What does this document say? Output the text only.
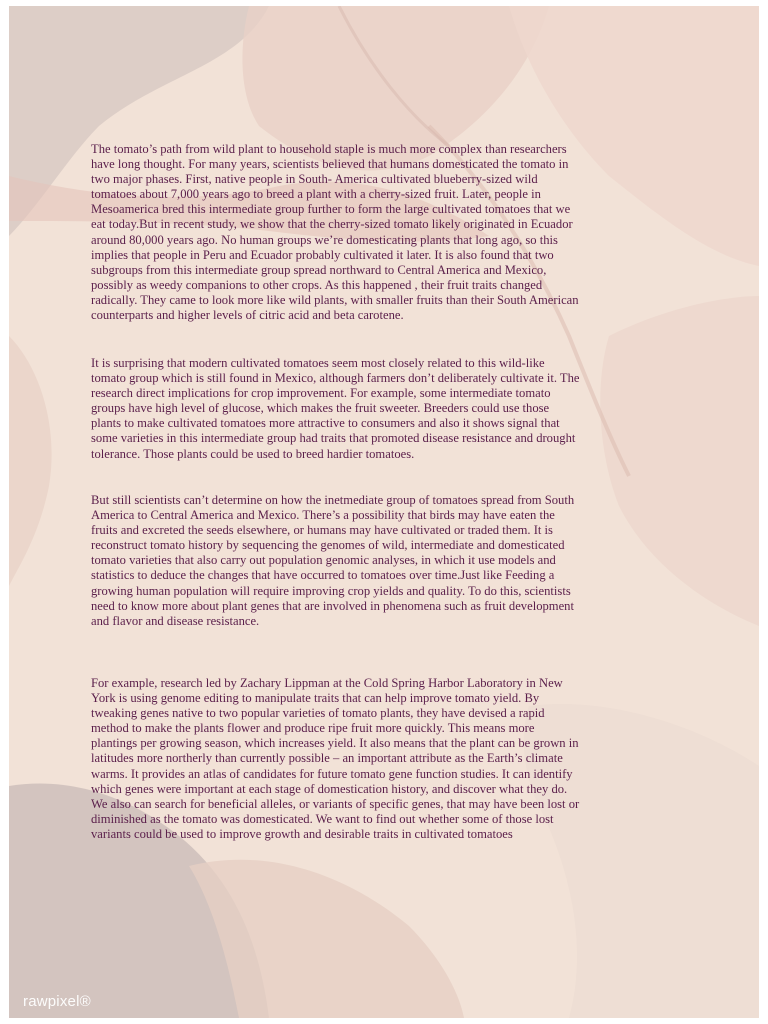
The tomato’s path from wild plant to household staple is much more complex than researchers
have long thought. For many years, scientists believed that humans domesticated the tomato in
two major phases. First, native people in South- America cultivated blueberry-sized wild
tomatoes about 7,000 years ago to breed a plant with a cherry-sized fruit. Later, people in
Mesoamerica bred this intermediate group further to form the large cultivated tomatoes that we
eat today.But in recent study, we show that the cherry-sized tomato likely originated in Ecuador
around 80,000 years ago. No human groups we’re domesticating plants that long ago, so this
implies that people in Peru and Ecuador probably cultivated it later. It is also found that two
subgroups from this intermediate group spread northward to Central America and Mexico,
possibly as weedy companions to other crops. As this happened , their fruit traits changed
radically. They came to look more like wild plants, with smaller fruits than their South American
counterparts and higher levels of citric acid and beta carotene.
It is surprising that modern cultivated tomatoes seem most closely related to this wild-like
tomato group which is still found in Mexico, although farmers don’t deliberately cultivate it. The
research direct implications for crop improvement. For example, some intermediate tomato
groups have high level of glucose, which makes the fruit sweeter. Breeders could use those
plants to make cultivated tomatoes more attractive to consumers and also it shows signal that
some varieties in this intermediate group had traits that promoted disease resistance and drought
tolerance. Those plants could be used to breed hardier tomatoes.
But still scientists can’t determine on how the inetmediate group of tomatoes spread from South
America to Central America and Mexico. There’s a possibility that birds may have eaten the
fruits and excreted the seeds elsewhere, or humans may have cultivated or traded them. It is
reconstruct tomato history by sequencing the genomes of wild, intermediate and domesticated
tomato varieties that also carry out population genomic analyses, in which it use models and
statistics to deduce the changes that have occurred to tomatoes over time.Just like Feeding a
growing human population will require improving crop yields and quality. To do this, scientists
need to know more about plant genes that are involved in phenomena such as fruit development
and flavor and disease resistance.
For example, research led by Zachary Lippman at the Cold Spring Harbor Laboratory in New
York is using genome editing to manipulate traits that can help improve tomato yield. By
tweaking genes native to two popular varieties of tomato plants, they have devised a rapid
method to make the plants flower and produce ripe fruit more quickly. This means more
plantings per growing season, which increases yield. It also means that the plant can be grown in
latitudes more northerly than currently possible – an important attribute as the Earth’s climate
warms. It provides an atlas of candidates for future tomato gene function studies. It can identify
which genes were important at each stage of domestication history, and discover what they do.
We also can search for beneficial alleles, or variants of specific genes, that may have been lost or
diminished as the tomato was domesticated. We want to find out whether some of those lost
variants could be used to improve growth and desirable traits in cultivated tomatoes
rawpixel®
